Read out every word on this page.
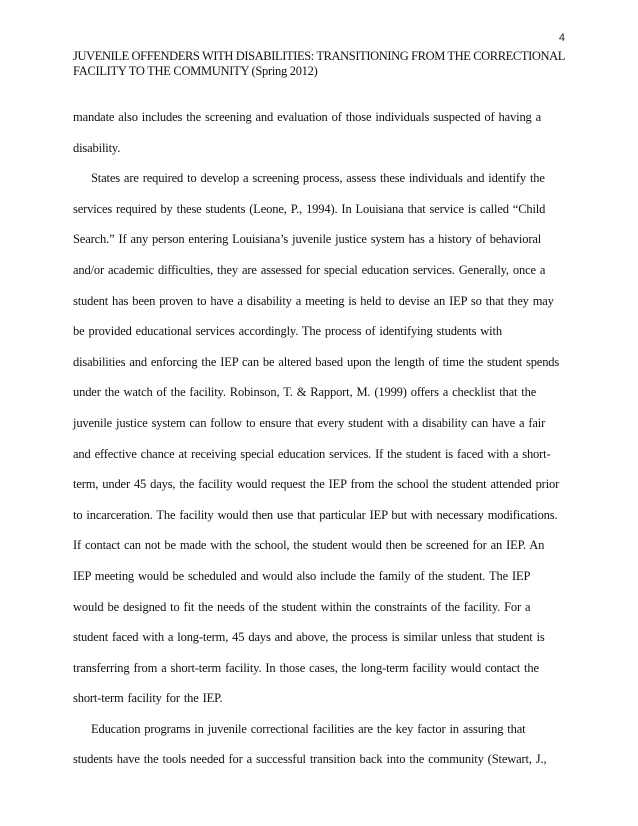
4
JUVENILE OFFENDERS WITH DISABILITIES: TRANSITIONING FROM THE CORRECTIONAL
FACILITY TO THE COMMUNITY (Spring 2012)
mandate also includes the screening and evaluation of those individuals suspected of having a
disability.
States are required to develop a screening process, assess these individuals and identify the
services required by these students (Leone, P., 1994). In Louisiana that service is called “Child
Search.” If any person entering Louisiana’s juvenile justice system has a history of behavioral
and/or academic difficulties, they are assessed for special education services. Generally, once a
student has been proven to have a disability a meeting is held to devise an IEP so that they may
be provided educational services accordingly. The process of identifying students with
disabilities and enforcing the IEP can be altered based upon the length of time the student spends
under the watch of the facility. Robinson, T. & Rapport, M. (1999) offers a checklist that the
juvenile justice system can follow to ensure that every student with a disability can have a fair
and effective chance at receiving special education services. If the student is faced with a short-
term, under 45 days, the facility would request the IEP from the school the student attended prior
to incarceration. The facility would then use that particular IEP but with necessary modifications.
If contact can not be made with the school, the student would then be screened for an IEP. An
IEP meeting would be scheduled and would also include the family of the student. The IEP
would be designed to fit the needs of the student within the constraints of the facility. For a
student faced with a long-term, 45 days and above, the process is similar unless that student is
transferring from a short-term facility. In those cases, the long-term facility would contact the
short-term facility for the IEP.
Education programs in juvenile correctional facilities are the key factor in assuring that
students have the tools needed for a successful transition back into the community (Stewart, J.,
